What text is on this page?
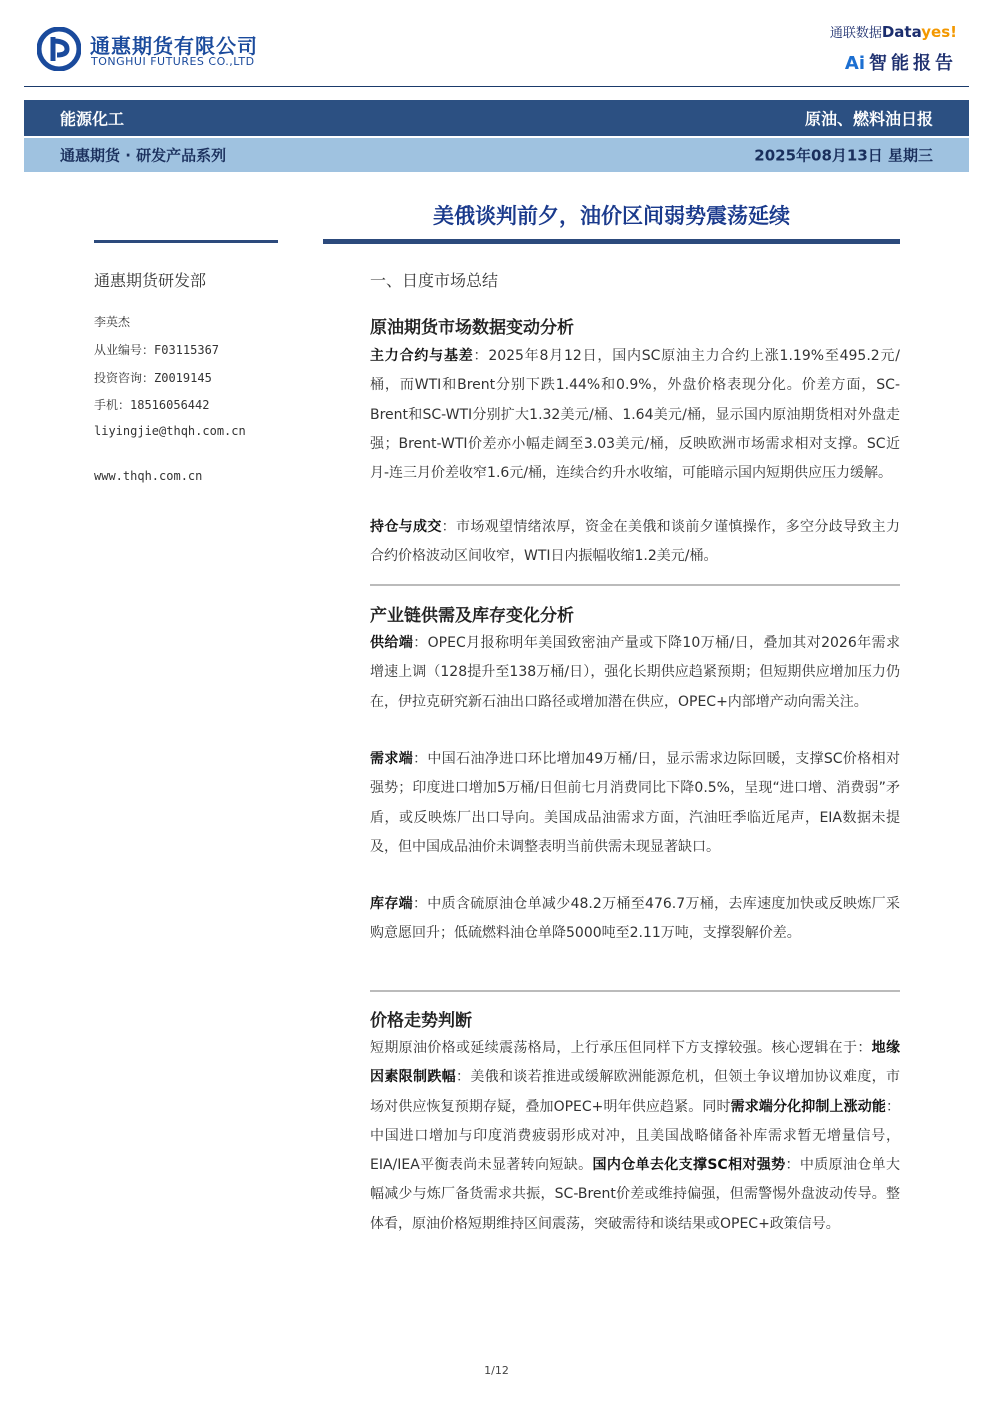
通惠期货有限公司
TONGHUI FUTURES CO.,LTD
通联数据Datayes!
Ai 智能报告
能源化工	原油、燃料油日报
通惠期货 · 研发产品系列	2025年08月13日 星期三
美俄谈判前夕，油价区间弱势震荡延续
通惠期货研发部
李英杰
从业编号：F03115367
投资咨询：Z0019145
手机：18516056442
liyingjie@thqh.com.cn
www.thqh.com.cn
一、日度市场总结
原油期货市场数据变动分析
主力合约与基差：2025年8月12日，国内SC原油主力合约上涨1.19%至495.2元/桶，而WTI和Brent分别下跌1.44%和0.9%，外盘价格表现分化。价差方面，SC-Brent和SC-WTI分别扩大1.32美元/桶、1.64美元/桶，显示国内原油期货相对外盘走强；Brent-WTI价差亦小幅走阔至3.03美元/桶，反映欧洲市场需求相对支撑。SC近月-连三月价差收窄1.6元/桶，连续合约升水收缩，可能暗示国内短期供应压力缓解。
持仓与成交：市场观望情绪浓厚，资金在美俄和谈前夕谨慎操作，多空分歧导致主力合约价格波动区间收窄，WTI日内振幅收缩1.2美元/桶。
产业链供需及库存变化分析
供给端：OPEC月报称明年美国致密油产量或下降10万桶/日，叠加其对2026年需求增速上调（128提升至138万桶/日），强化长期供应趋紧预期；但短期供应增加压力仍在，伊拉克研究新石油出口路径或增加潜在供应，OPEC+内部增产动向需关注。
需求端：中国石油净进口环比增加49万桶/日，显示需求边际回暖，支撑SC价格相对强势；印度进口增加5万桶/日但前七月消费同比下降0.5%，呈现“进口增、消费弱”矛盾，或反映炼厂出口导向。美国成品油需求方面，汽油旺季临近尾声，EIA数据未提及，但中国成品油价未调整表明当前供需未现显著缺口。
库存端：中质含硫原油仓单减少48.2万桶至476.7万桶，去库速度加快或反映炼厂采购意愿回升；低硫燃料油仓单降5000吨至2.11万吨，支撑裂解价差。
价格走势判断
短期原油价格或延续震荡格局，上行承压但同样下方支撑较强。核心逻辑在于：地缘因素限制跌幅：美俄和谈若推进或缓解欧洲能源危机，但领土争议增加协议难度，市场对供应恢复预期存疑，叠加OPEC+明年供应趋紧。同时需求端分化抑制上涨动能：中国进口增加与印度消费疲弱形成对冲，且美国战略储备补库需求暂无增量信号，EIA/IEA平衡表尚未显著转向短缺。国内仓单去化支撑SC相对强势：中质原油仓单大幅减少与炼厂备货需求共振，SC-Brent价差或维持偏强，但需警惕外盘波动传导。整体看，原油价格短期维持区间震荡，突破需待和谈结果或OPEC+政策信号。
1/12
